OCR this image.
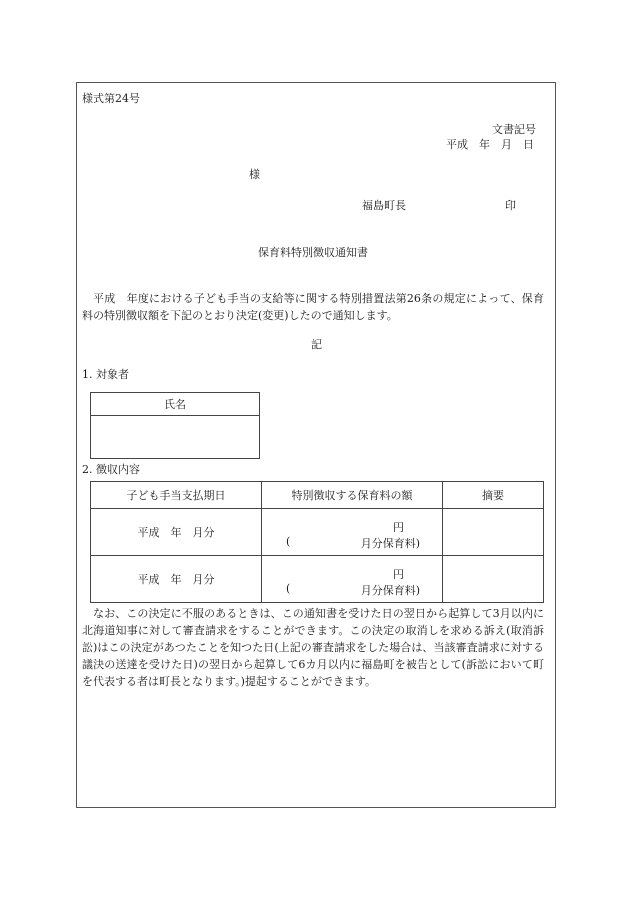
様式第24号
文書記号
平成　年　月　日
様
福島町長	印
保育料特別徴収通知書
平成　年度における子ども手当の支給等に関する特別措置法第26条の規定によって、保育料の特別徴収額を下記のとおり決定(変更)したので通知します。
記
1. 対象者
氏名

2. 徴収内容
子ども手当支払期日	特別徴収する保育料の額	摘要
平成　年　月分	円
( 月分保育料)	

平成　年　月分	円
( 月分保育料)	

なお、この決定に不服のあるときは、この通知書を受けた日の翌日から起算して3月以内に北海道知事に対して審査請求をすることができます。この決定の取消しを求める訴え(取消訴訟)はこの決定があつたことを知つた日(上記の審査請求をした場合は、当該審査請求に対する議決の送達を受けた日)の翌日から起算して6カ月以内に福島町を被告として(訴訟において町を代表する者は町長となります。)提起することができます。
